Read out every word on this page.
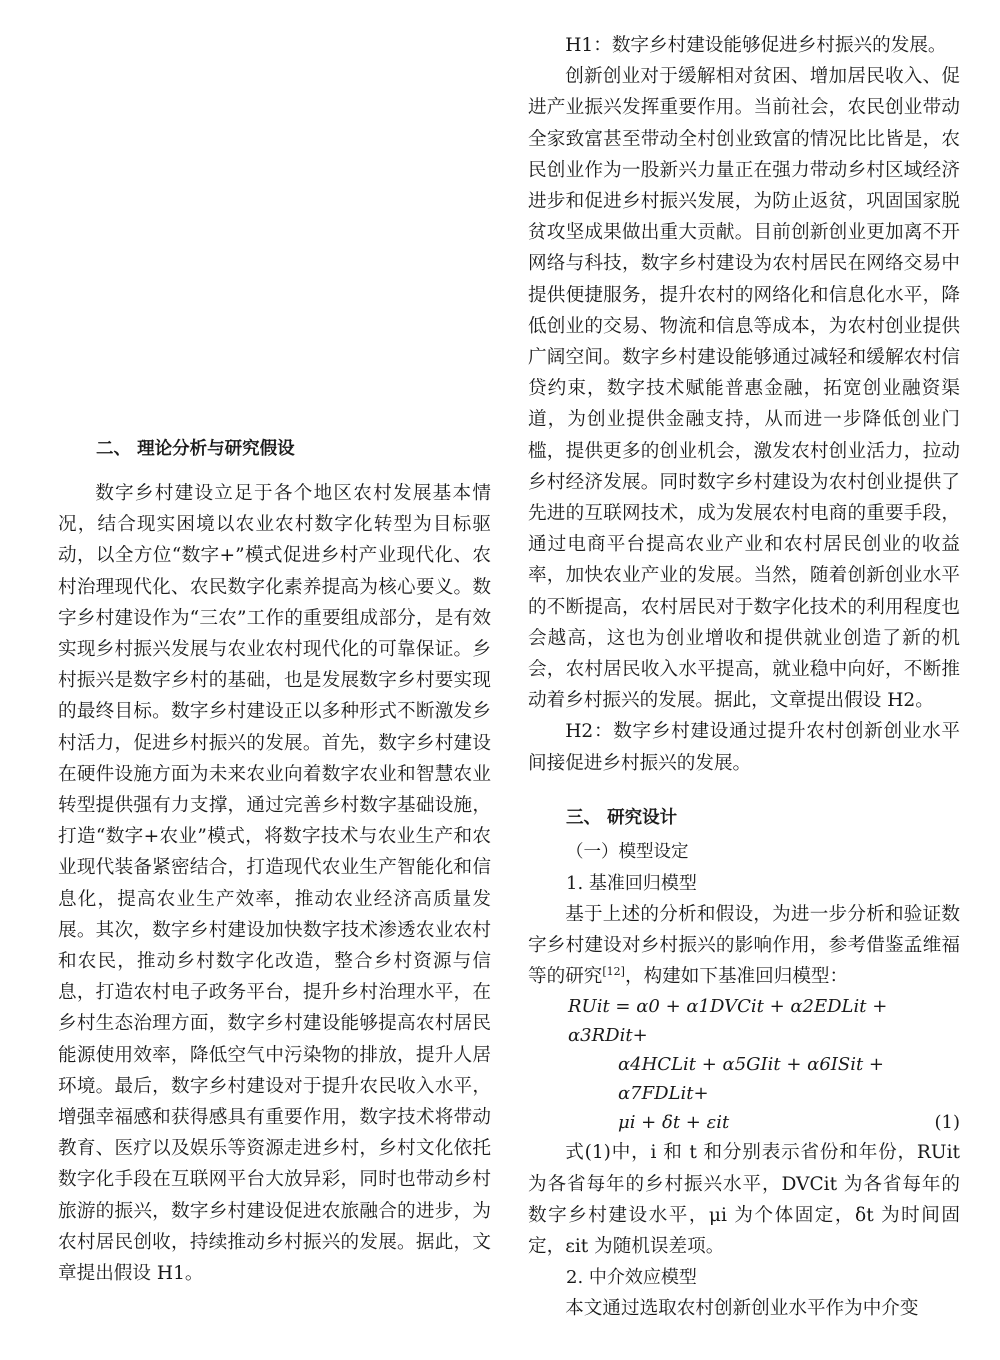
二、 理论分析与研究假设

数字乡村建设立足于各个地区农村发展基本情况，结合现实困境以农业农村数字化转型为目标驱动，以全方位“数字+”模式促进乡村产业现代化、农村治理现代化、农民数字化素养提高为核心要义。数字乡村建设作为“三农”工作的重要组成部分，是有效实现乡村振兴发展与农业农村现代化的可靠保证。乡村振兴是数字乡村的基础，也是发展数字乡村要实现的最终目标。数字乡村建设正以多种形式不断激发乡村活力，促进乡村振兴的发展。首先，数字乡村建设在硬件设施方面为未来农业向着数字农业和智慧农业转型提供强有力支撑，通过完善乡村数字基础设施，打造“数字+农业”模式，将数字技术与农业生产和农业现代装备紧密结合，打造现代农业生产智能化和信息化，提高农业生产效率，推动农业经济高质量发展。其次，数字乡村建设加快数字技术渗透农业农村和农民，推动乡村数字化改造，整合乡村资源与信息，打造农村电子政务平台，提升乡村治理水平，在乡村生态治理方面，数字乡村建设能够提高农村居民能源使用效率，降低空气中污染物的排放，提升人居环境。最后，数字乡村建设对于提升农民收入水平，增强幸福感和获得感具有重要作用，数字技术将带动教育、医疗以及娱乐等资源走进乡村，乡村文化依托数字化手段在互联网平台大放异彩，同时也带动乡村旅游的振兴，数字乡村建设促进农旅融合的进步，为农村居民创收，持续推动乡村振兴的发展。据此，文章提出假设 H1。

H1：数字乡村建设能够促进乡村振兴的发展。

创新创业对于缓解相对贫困、增加居民收入、促进产业振兴发挥重要作用。当前社会，农民创业带动全家致富甚至带动全村创业致富的情况比比皆是，农民创业作为一股新兴力量正在强力带动乡村区域经济进步和促进乡村振兴发展，为防止返贫，巩固国家脱贫攻坚成果做出重大贡献。目前创新创业更加离不开网络与科技，数字乡村建设为农村居民在网络交易中提供便捷服务，提升农村的网络化和信息化水平，降低创业的交易、物流和信息等成本，为农村创业提供广阔空间。数字乡村建设能够通过减轻和缓解农村信贷约束，数字技术赋能普惠金融，拓宽创业融资渠道，为创业提供金融支持，从而进一步降低创业门槛，提供更多的创业机会，激发农村创业活力，拉动乡村经济发展。同时数字乡村建设为农村创业提供了先进的互联网技术，成为发展农村电商的重要手段，通过电商平台提高农业产业和农村居民创业的收益率，加快农业产业的发展。当然，随着创新创业水平的不断提高，农村居民对于数字化技术的利用程度也会越高，这也为创业增收和提供就业创造了新的机会，农村居民收入水平提高，就业稳中向好，不断推动着乡村振兴的发展。据此，文章提出假设 H2。

H2：数字乡村建设通过提升农村创新创业水平间接促进乡村振兴的发展。

三、 研究设计
（一）模型设定
1. 基准回归模型

基于上述的分析和假设，为进一步分析和验证数字乡村建设对乡村振兴的影响作用，参考借鉴孟维福等的研究[12]，构建如下基准回归模型：

RUit = α0 + α1DVCit + α2EDLit + α3RDit+
α4HCLit + α5GIit + α6ISit + α7FDLit+
μi + δt + εit	(1)

式(1)中，i 和 t 和分别表示省份和年份，RUit 为各省每年的乡村振兴水平，DVCit 为各省每年的数字乡村建设水平，μi 为个体固定，δt 为时间固定，εit 为随机误差项。

2. 中介效应模型

本文通过选取农村创新创业水平作为中介变
